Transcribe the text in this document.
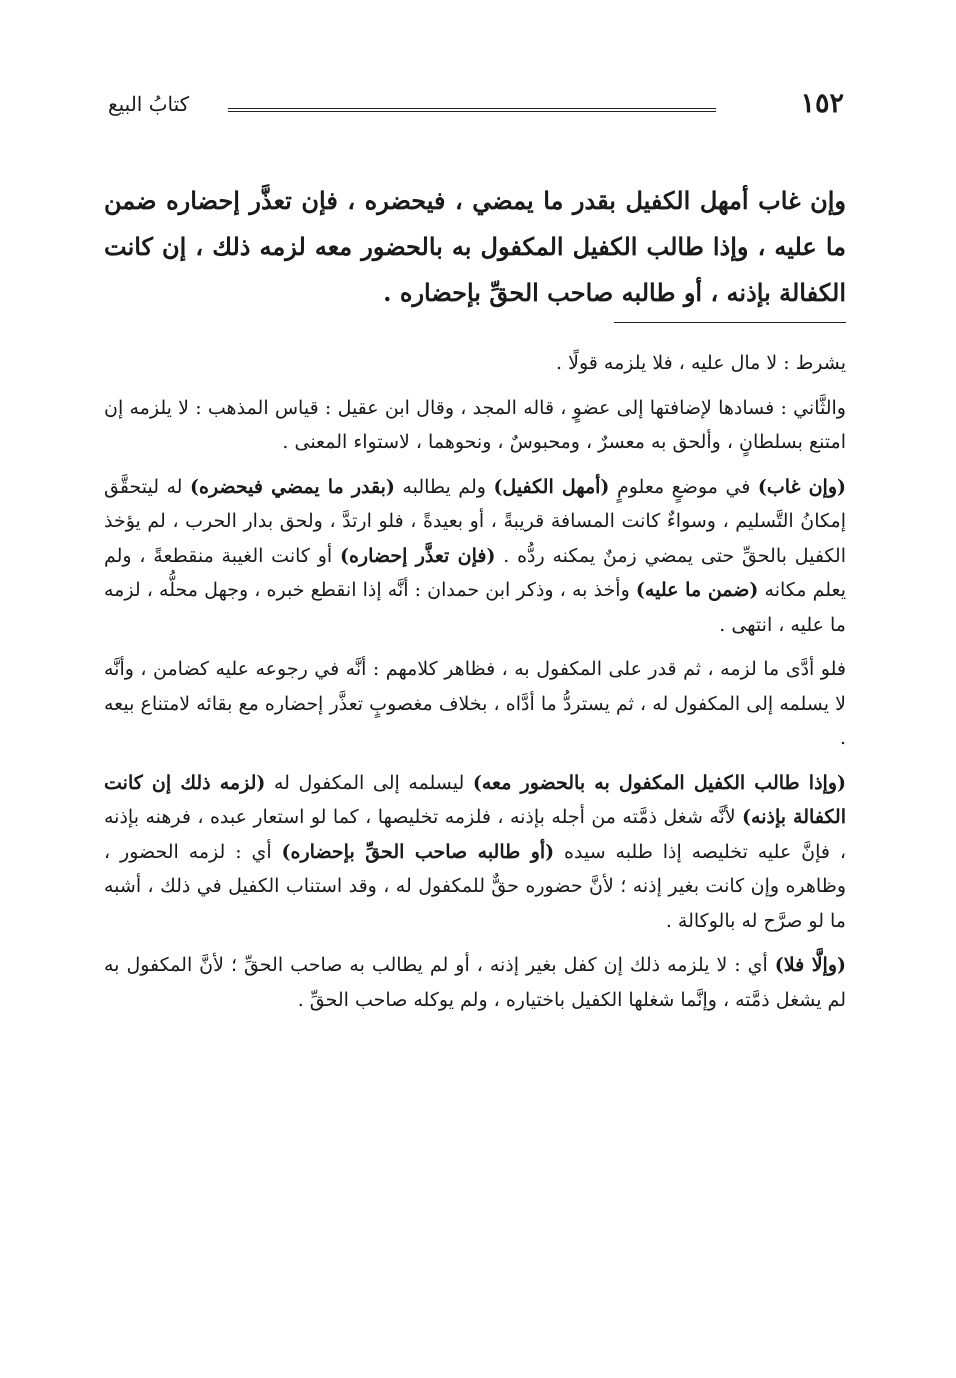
١٥٢
كتابُ البيع
وإن غاب أمهل الكفيل بقدر ما يمضي ، فيحضره ، فإن تعذَّر إحضاره ضمن ما عليه ، وإذا طالب الكفيل المكفول به بالحضور معه لزمه ذلك ، إن كانت الكفالة بإذنه ، أو طالبه صاحب الحقِّ بإحضاره .

يشرط : لا مال عليه ، فلا يلزمه قولًا .

والثَّاني : فسادها لإضافتها إلى عضوٍ ، قاله المجد ، وقال ابن عقيل : قياس المذهب : لا يلزمه إن امتنع بسلطانٍ ، وألحق به معسرٌ ، ومحبوسٌ ، ونحوهما ، لاستواء المعنى .

(وإن غاب) في موضعٍ معلومٍ (أمهل الكفيل) ولم يطالبه (بقدر ما يمضي فيحضره) له ليتحقَّق إمكانُ التَّسليم ، وسواءٌ كانت المسافة قريبةً ، أو بعيدةً ، فلو ارتدَّ ، ولحق بدار الحرب ، لم يؤخذ الكفيل بالحقِّ حتى يمضي زمنٌ يمكنه ردُّه . (فإن تعذَّر إحضاره) أو كانت الغيبة منقطعةً ، ولم يعلم مكانه (ضمن ما عليه) وأخذ به ، وذكر ابن حمدان : أنَّه إذا انقطع خبره ، وجهل محلُّه ، لزمه ما عليه ، انتهى .

فلو أدَّى ما لزمه ، ثم قدر على المكفول به ، فظاهر كلامهم : أنَّه في رجوعه عليه كضامن ، وأنَّه لا يسلمه إلى المكفول له ، ثم يستردُّ ما أدَّاه ، بخلاف مغصوبٍ تعذَّر إحضاره مع بقائه لامتناع بيعه .

(وإذا طالب الكفيل المكفول به بالحضور معه) ليسلمه إلى المكفول له (لزمه ذلك إن كانت الكفالة بإذنه) لأنَّه شغل ذمَّته من أجله بإذنه ، فلزمه تخليصها ، كما لو استعار عبده ، فرهنه بإذنه ، فإنَّ عليه تخليصه إذا طلبه سيده (أو طالبه صاحب الحقِّ بإحضاره) أي : لزمه الحضور ، وظاهره وإن كانت بغير إذنه ؛ لأنَّ حضوره حقٌّ للمكفول له ، وقد استناب الكفيل في ذلك ، أشبه ما لو صرَّح له بالوكالة .

(وإلَّا فلا) أي : لا يلزمه ذلك إن كفل بغير إذنه ، أو لم يطالب به صاحب الحقِّ ؛ لأنَّ المكفول به لم يشغل ذمَّته ، وإنَّما شغلها الكفيل باختياره ، ولم يوكله صاحب الحقِّ .
